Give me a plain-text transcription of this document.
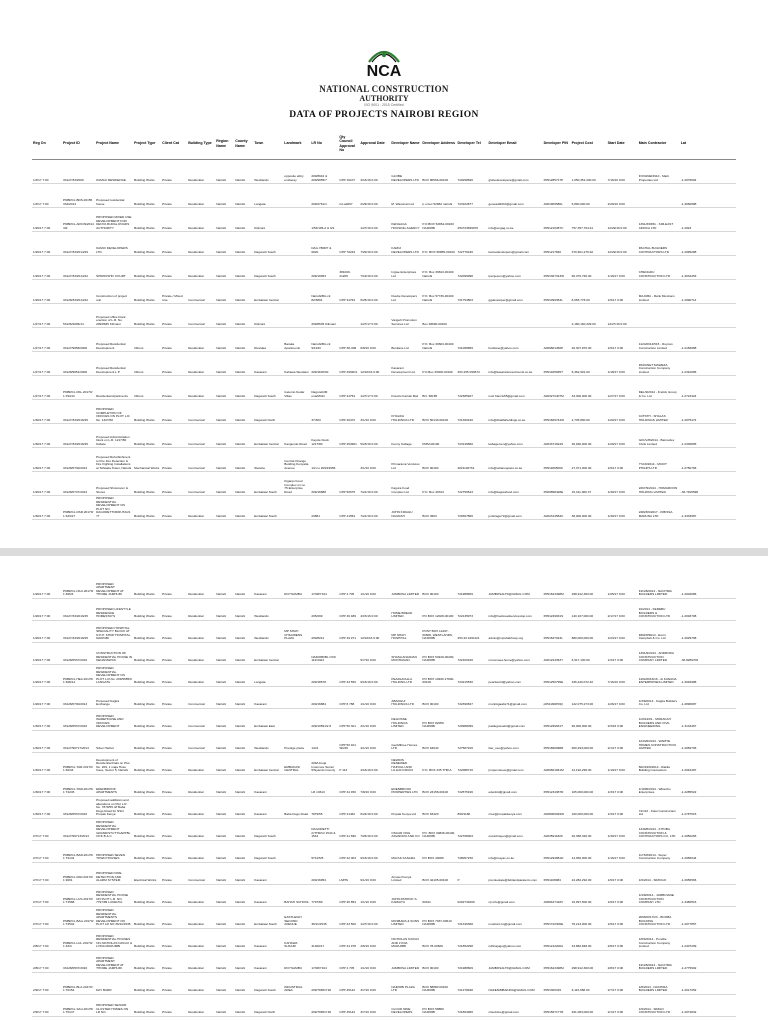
NCA
NATIONAL CONSTRUCTION
AUTHORITY
ISO 9001 : 2015 Certified
DATA OF PROJECTS NAIROBI REGION
Reg On	Project ID	Project Name	Project Type	Client Cat	Building Type	Region Name	County Name	Town	Landmark	LR No	Qty Council Approval No	Approval Date	Developer Name	Developer Address	Developer Tel	Developer Email	Developer PIN	Project Cost	Start Date	Main Contractor	Lat
1/3/17 7:00	33127/33/2006	KAMAU RESIDENCE	Building Works	Private	Residential	Nairobi	Nairobi	Westlands	opposite ebby embassy	209/8942 & 209/9955/7	CPP 16107	4/16/15 0:00	GLOBE DEVELOPERS LTD	BOX 80566-00100	720298690	globedevelopers@gmail.com	P051285717P	1,650,351,200.00	7/16/16 0:00	FOX&NENN10 - Mark Properties Ltd	-1.2676694
1/3/17 7:00	PNBRCL.BDS.20155 334/2014	Proposed residential house	Building Works	Private	Residential	Nairobi	Nairobi	Langata		209/2761/1	ref-a4097	2/29/16 0:00	M. Wasonari Ltd	p.o.box 52864 nairobi	723102877	geneadi2010@gmail.com	A001900580L	6,890,000.00	2/29/16 0:00		-1.3060988
1/26/17 7:00	PNBRCL.ARC/N/2014/49	PROPOSED MIXED USE DEVELOPMENT FOR KENYA RURAL ROADS AUTHORITY	Building Works	Private	Residential	Nairobi	Nairobi	Kilimani		1/53/195-2 & 3/4		1/27/16 0:00	KENGAGA HOUSING AGENCY	P.O.BOX 52864-00100 NAIROBI	254723699970	info@engag.co.ke	P051210387C	757,357,764.61	12/29/16 0:00	1391/3/8451 - SIM-EAST AFRICA LTD	-1.2923
1/26/17 7:00	33127/33/2014/49	KAMUI DEVELOPERS LTD	Building Works	Private	Residential	Nairobi	Nairobi	Dagoretti South		DAG.7808/7 & 6920	CPP 70234	7/29/16 0:00	KAMUI DEVELOPERS LTD	P.O. BOX 58885-00100	722776430	kamuidevelopers@gmail.com	P051217840	370,601,276.92	12/29/16 0:00	PACHAL BUILDERS CONTRACTORS LTD	-1.2995288
1/26/17 7:00	33127/33/2014/42	SHIRIKISHO COURT	Building Works	Private	Residential	Nairobi	Nairobi	Dagoretti South		209/19953	381000-21205	7/19/16 0:00	Ingwe Enterprises Ltd	P.O. Box 36813-00100 Nairobi	722099998	ipenjesum@yahoo.com	P051367313W	66,376,760.00	1/16/17 0:00	CHENGDU CONSTRUCTION LTD	-1.3032453
1/26/17 7:00	33128/33/2014/42	Construction of project unit	Building Works	Private / Mixed Use	Commercial	Nairobi	Nairobi	Embakasi Central		Nairobi/Blo ck 82/3891	CPP 44764	6/25/16 0:00	Duebe Developers Ltd	P.O. Box 57736-00100 Nairobi	721754803	ggdeveloper@gmail.com	P051099353L	8,065,778.00	1/9/17 0:00	MAJUBA - Rank Mustnam Limited	-1.2990714
1/27/17 7:00	53126/2006/14	Proposed office block erection of L.R. No. 209/8635 Kilimani	Building Works	Private	Commercial	Nairobi	Nairobi	Kilimani		209/8635 Kilimani		1/27/17 0:00	Vangeh Promotion Services Ltd	Box 38690-00100				2,180,160,329.00	12/27/16 0:00		
1/27/17 7:00	33127/9658/2006	Proposed Residential Development	Others	Private	Residential	Nairobi	Nairobi	Ruaraka	Baraka Apartments	Nairobi/Blo ck 9/1933	CPP 38-309	6/8/16 0:00	Bustlane Ltd	P.O. Box 30603-00100 Nairobi	721068869	bustlane@yahoo.com	A006801456P	20,307,870.00	1/9/17 0:00	1424/2014/515 - Roycan Construction Limited	-1.2166988
1/27/17 7:00	33128/9651/2006	Proposed Residential Development L.P	Others	Private	Residential	Nairobi	Nairobi	Kasarani	Kahawa Wendani	209/1108/30	CPP 4902D1	12/16/16 0:00	Kasarani Development Ltd	P.O.Box 30000-00100	254 205 090672	info@kasaraninvestments.co.ke	P051405065T	6,362,901.00	1/18/17 0:00	PARUNET MAWEZA Construction Company Limited	-1.2310086
1/27/17 7:00	PNBRCL.PAL.20170/1 P2244	Residential Apartments	Others	Private	Residential	Nairobi	Nairobi	Dagoretti South	Getonto Kedar Villas	Dagoretti/M una/M411	CPP 44754	1/27/17 0:00	Francis Kariuki Mwi	BO. 58185	722385927	mwi.francis55@gmail.com	A003272407M	33,300,000.00	1/27/17 0:00	DEL/9/2014 - Fretick Group & Co. Ltd	-1.2724424
1/30/17 7:00	33127/33/2016/45	PROPOSED COMPLETION OF OFFICES ON PLOT L.R. No. 1327/68	Building Works	Private	Commercial	Nairobi	Nairobi	Dagoretti North		37/303	CPP 40472	3/1/16 0:00	KHALIFA HOLDINGS LTD	BOX 50143-00100	721369440	info@khalifaholdings.co.ke	P051669744W	4,735,800.00	1/20/17 0:00	C4TSTH - SHALAS HOLDINGS LIMITED	-1.2675474
1/30/17 7:00	33127/33/2016/45	Proposed Administration block on L.R. 1217/80 Kabete	Building Works	Private	Commercial	Nairobi	Nairobi	Embakasi Central	Kangundo Road	Kayole block 1217/80	CPP 494961	5/23/16 0:00	Kenny Kabage	PMM-00100	723136860	kabage.ken@yahoo.com	A003371924S	30,930,000.00	1/29/17 0:00	GKUV/8/2014 - Barrowlev Civils Limited	-1.2330865
1/30/17 7:00	33128/0730/2013	Proposed Refurbishment to Fire Fire Detection & Fire Fighting Installations at Tahwala Tower, Nairobi	Mechanical Works	Private	Commercial	Nairobi	Nairobi	Starehe	Central Change Building Kenyatta Avenue	1/2 no 209/19956		3/1/16 0:00	Primarama Ventures Ltd	BOX 00100	2021102761	info@reliancepass.co.ke	P051180509C	27,371,000.00	1/9/17 0:00	77A/9/2014 - MCKIT PHILIPS LTD	-1.2750766
1/26/17 7:00	33128/0737/2013	Proposed Showroom & Stores	Building Works	Private	Commercial	Nairobi	Nairobi	Embakasi South	Kiganjo Food Complex on no 75 Enterprise Road	209/16888	CPP 50675	7/21/16 0:00	Kagura Food Complex Ltd	P.O. Box 49313	722750623	info@kagurafood.com	P000898428E	15,311,306.37	1/30/17 0:00	2267/9/2014 - HOMAROON HOLDING LIMITED	-36.7409598
1/30/17 7:00	PNBRCL.DSR.20170/1 633/27	PROPOSED RESIDENTIAL DEVELOPMENT ON PLOT NO. DAGORETTI/RIRUTA/2177	Building Works	Private	Residential	Nairobi	Nairobi	Embakasi South		23881	CPP 41554	7/21/16 0:00	JOHN KIRAGU NGURAH	BOX 4953	729367866	jonkiragu72@gmail.com	A002314583C	38,000,000.00	1/30/17 0:00	24823/9/2017 - KIBISSA MARUNA LTD	-1.3333987
1/26/17 7:00	PNBRCL.NAU.20170/1 606/4	PROPOSED APARTMENT DEVELOPMENT AT THOME JAMHURI	Building Works	Private	Residential	Nairobi	Nairobi	Kasarani	ROYSAMBU	17/08/7104	CPP 4 705	1/1/16 0:00	JAMBOSA LIMITED	BOX 00100	721988609	JAMBOSALTD@GMAIL.COM	P051623498M	298,912,300.00	1/25/17 0:00	F2/4/8/2014 - NACHIRA BUILDERS LIMITED	-1.2002086
1/26/17 7:00	33127/33/2016/45	PROPOSED LIFESTYLE RESIDENCE HOMESTAYS	Building Works	Private	Residential	Nairobi	Nairobi	Westlands		205/299	CPP 46 489	4/15/16 0:00	HOME BREAD LIMITED	PO BOX 12028-00100	722135973	info@hsebreadservicestop.com	P051229931S	140,167,000.00	2/17/17 0:00	91/2014 - KEREBU BUILDERS & CONSTRUCTION LTD	-1.2093708
1/26/17 7:00	33127/33/2016/45	PROPOSED HOSPITAL SPECIALITY BLOCK AT N.H.P. SHOP HOSPITAL NAIROBI	Building Works	Private	Residential	Nairobi	Nairobi	Westlands	MP SHAH CHILDRENS PLAZA	209/8241	CPP 49 971	12/16/16 0:00	MP SHAH HOSPITAL	POST BOX 14497-00800, WESTLANDS, NAIROBI	254 20 4291121	admin@mpshahhosp.org	P051847023L	880,000,000.00	1/23/17 0:00	DM2/8/9014 - Erern Campbell & Co. Ltd	-1.2629798
1/26/17 7:00	33128/0537/2016	CONSTRUCTION OF RESIDENTIAL HOUSE IN KENANSWCK	Building Works	Private	Residential	Nairobi	Nairobi	Embakasi Central		NAIROBI/BL OCK 112/3424		9/7/16 0:00	SHASA ANJANAN MOOHANAN	PO BOX 54919-00200, NAIROBI	722100166	mrcomsea.home@yahoo.com	A001223353Y	6,917,130.00	1/3/17 0:00	1391/9/2014 - ANDRODA CONSTRUCTION COMPANY LIMITED	-36.8289709
1/26/17 7:00	PNBRCL.HEA.20170/1 608/14	PROPOSED RESIDENTIAL DEVELOPMENT ON PLOT L.R.No. 209/5985/6 LANGATA	Building Works	Private	Residential	Nairobi	Nairobi	Langata		209/18578	CPP 43 550	9/16/16 0:00	PEARL/DALLA HOLDING LTD	PO BOX 10930 27900-00100	723215530	pearlsa.ltd@yahoo.com	P051250795E	336,426,072.40	7/16/16 0:00	1402/2016/16 - Ai KANANA ENTERPRISES LIMITED	-1.3046988
1/26/17 7:00	33128/0730/2013	Proposed Kagira Exchange	Building Works	Private	Commercial	Nairobi	Nairobi	Kasarani		209/16884	CPP 8 788	1/1/16 0:00	ABANGUI HOLDINGS LTD	BOX 00100	722390847	murinkgaabs71@gmail.com	p051160053Q	122,075,273.00	1/26/17 0:00	1/3/8/2014 - Kagira Builders Co. Ltd	-1.2896687
1/30/17 7:00	33128/0537/2016	PROPOSED WAREHOUSE AND OFFICES DEVELOPMENT	Building Works	Private	Commercial	Nairobi	Nairobi	Embakasi East		209/10591/2 8	CPP 50 301	2/1/16 0:00	DEGOSSE HOLDINGS LIMITED	PO BOX 82050 NAIROBI	720988099	patdegosseltd@gmail.com	P051299931T	90,000,000.00	2/3/16 0:00	1/2014/01 - MORAKAH BUILDERS AND CIVIL ENGINEERING	-1.3134467
1/30/17 7:00	33127/90717/2014	Silver Harbor	Building Works	Private	Commercial	Nairobi	Nairobi	Westlands	Prestige plaza	1/2/4	CPP 50 401 SD/46	4/1/16 0:00	GeoMiltree Homes LTD	BOX 63040	727587106	tiler_neo@yahoo.com	P051890998R	900,293,000.00	2/1/17 0:00	1234/9/2014 - WAMTE HOMES CONSTRUCTION LIMITED	-1.2669706
1/30/17 7:00	PNBRCL.TAR.20170/1 60/44	Development of Residential Flats on Plot No. 209, 1 maja Hose Cave, Sector 5, Nairobi	Building Works	Private	Residential	Nairobi	Nairobi	Embakasi Central	EMBAKASI CENTRAL	209/Umoja Innercore Sector 5/Nyando County	P 113	4/16/16 0:00	NEWDIS RENEWED HAPUGU AND LILLIAN NDUCI	P.O. BOX 235 THIKA	722088716	pmpemsteve@gmail.com	A009601961M	12,192,295.00	1/19/17 0:00	822/19/8/2014 - Rakila Building Contractors	-1.2916487
1/30/17 7:00	PNBRCL.SSR.20170/1 T2245	EDENBROOK APARTMENTS	Building Works	Private	Residential	Nairobi	Nairobi	Kasarani		LR 13613	CPP 44 450	7/8/16 0:00	EDENBROOK PROPERTIES LTD	BOX 23158-00100	722575196	edenbtd@gmail.com	P051234387R	105,000,000.00	1/3/17 0:00	1/1906/2014 - Wikeshu Enterprises	-1.2285522
1/30/17 7:00	33128/0537/2016	Proposed additions and alterations on Plot L.R. No. 7879/55 off Baba Dogo Road for NSN Propak Kenya	Building Works	Private	Residential	Nairobi	Nairobi	Kasarani	Baba Dogo Road	7879/55	CPP 41462	6/24/16 0:00	Propak Kenya Ltd	BOX 63420	890/1180	cres@propakkenya.com	A008000049W	100,000,000.00	1/3/17 0:00	741/12 - Kawi Construction Ltd	-1.2787515
2/7/17 7:00	33127/90713/2014	PROPOSED RESIDENTIAL DEVELOPMENT GRAND/STUTTGARTBLOCK B & C	Building Works	Private	Residential	Nairobi	Nairobi	Dagoretti South		DAGORETTI /UTHIRU/ 1543 & 1544	CPP 41 696	7/26/16 0:00	OSCAR ONG ASVAKIRO AND CO	PO. BOX 30846-00100, NAIROBI	722768003	oscarbrayen@gmail.com	A003591182K	20,358,320.00	1/30/17 0:00	1349/8/2014 - KITOBA CONSTRUCTION & CONTRACTORS CO. LTD	-1.2950266
2/7/17 7:00	PNBRCL.BAR.20170/1 T2144	PROPOSED SEVEN TOWN HOUSES	Building Works	Private	Residential	Nairobi	Nairobi	Dagoretti South		5741/5/5	CPP 42 003	9/16/16 0:00	MAYAK KASARA	PO BOX 40006	728057156	info@mayac.co.ke	P051294881D	14,050,000.00	1/16/17 0:00	1173/8/2014 - Super Construction Company	-1.2956044
2/7/17 7:00	PNBRCL.PAR.20170/1 9091	PROPOSED FIRE DETECTION AND ALARM SYSTEM	Electrical Works	Private	Commercial	Nairobi	Nairobi	Kasarani		209/16954	LMHS	9/1/16 0:00	Anuwel Kenya Limited	BOX 42105-00100	P	premiestate@feblandparaterm.com	P051108984	24,282,292.00	1/9/17 0:00	1/6/2014 - SIMOGO	-1.2956566
2/7/17 7:00	PNBRCL.LUS.20170/1 T1588	PROPOSED RESIDENTIAL HOUSE ON PLOT L.R. NO. 7797/89 LUKENYA	Building Works	Private	Residential	Nairobi	Nairobi	Kasarani	BAHATI SCHOOL	7797/89	CPP 46 854	1/1/16 0:00	JOHN PATRICK S. KAMAITU	00911	0202734066	cp.info@gmail.com	A008427418V	16,997,500.00	1/9/17 0:00	1/4/8/2014 - JAMBOIANE CONSTRUCTION COMPANY LTD	-1.3480516
2/7/17 7:00	PNBRCL.BALI.20170/1 T2532	PROPOSED RESIDENTIAL APARTMENTS DEVELOPMENT ON PLOT LR NO 36/11/1535	Building Works	Private	Residential	Nairobi	Nairobi	Embakasi South	EASTLEIGH SECOND AVENUE	36/11/1535	CPP 43 500	1/27/16 0:00	MUSBARA & SONS LIMITED	PO BOX 7037-00610 NAIROBI	721346368	musbarc.hq@gmail.com	P051722306E	78,213,000.00	1/9/17 0:00	2098/2017/23 - BOOBA BUILDING CONSTRUCTION LTD	-1.2677857
2/8/17 7:00	PNBRCL.LUL.20170/1 63/4	PROPOSED RESIDENTIAL HOUSES ON NICHOLAS NJUGO & LYDIA MURUMBI	Building Works	Private	Residential	Nairobi	Nairobi	Kasarani	KAHAWA SUKARI	41300/17	CPP 44 978	4/5/16 0:00	NICHOLAS NJUGO AND LYDIA MURUMBI	BOX 78-00606	721852298	ndhnajugo@yahoo.com	P051212200A	23,882,848.00	2/8/17 0:00	1/8/9/2014 - Pondite Construction Company Limited	-1.2407299
2/8/17 7:00	33128/0537/2016	PROPOSED APARTMENT DEVELOPMENT AT THOME JAMHURI	Building Works	Private	Residential	Nairobi	Nairobi	Kasarani	ROYSAMBU	17/08/7104	CPP 4 705	1/1/16 0:00	JAMBOSA LIMITED	BOX 00100	721988609	JAMBOSALTD@GMAIL.COM	P051623498M	298,912,300.00	2/8/17 0:00	F2/4/8/2014 - NACHIRA BUILDERS LIMITED	-1.2775902
2/9/17 7:00	PNBRCL.BLA.20170/1 T0154	DAY BARR	Building Works	Private	Residential	Nairobi	Nairobi	Dagoretti South	INDUSTRIAL AREA	209/7965/3 96	CPP 45142	3/7/16 0:00	NAIROBI PLAZA LTD	BOX 58880 00100 NAIROBI	721278948	NAZENIMBAKIRA@GMAIL.COM	P051300315	6,110,958.00	2/7/17 0:00	1/8/2014 - NACHIRA BUILDERS LIMITED	-1.2617052
2/9/17 7:00	PNBRCL.SAU.20170/1 T0147	PROPOSED SENIOR CLUSTER HOMES ON LR NO.	Building Works	Private	Residential	Nairobi	Nairobi	Dagoretti North		209/7965/3 96	CPP 45142	3/7/16 0:00	CLOUD NINE DEVELOPERS	PO BOX 58880 NAIROBI	721894966	cloudnine@gmail.com	P051567177R	491,083,000.00	2/1/17 0:00	1/9/2014 - SIMGO CONSTRUCTION LTD	-1.2674832
